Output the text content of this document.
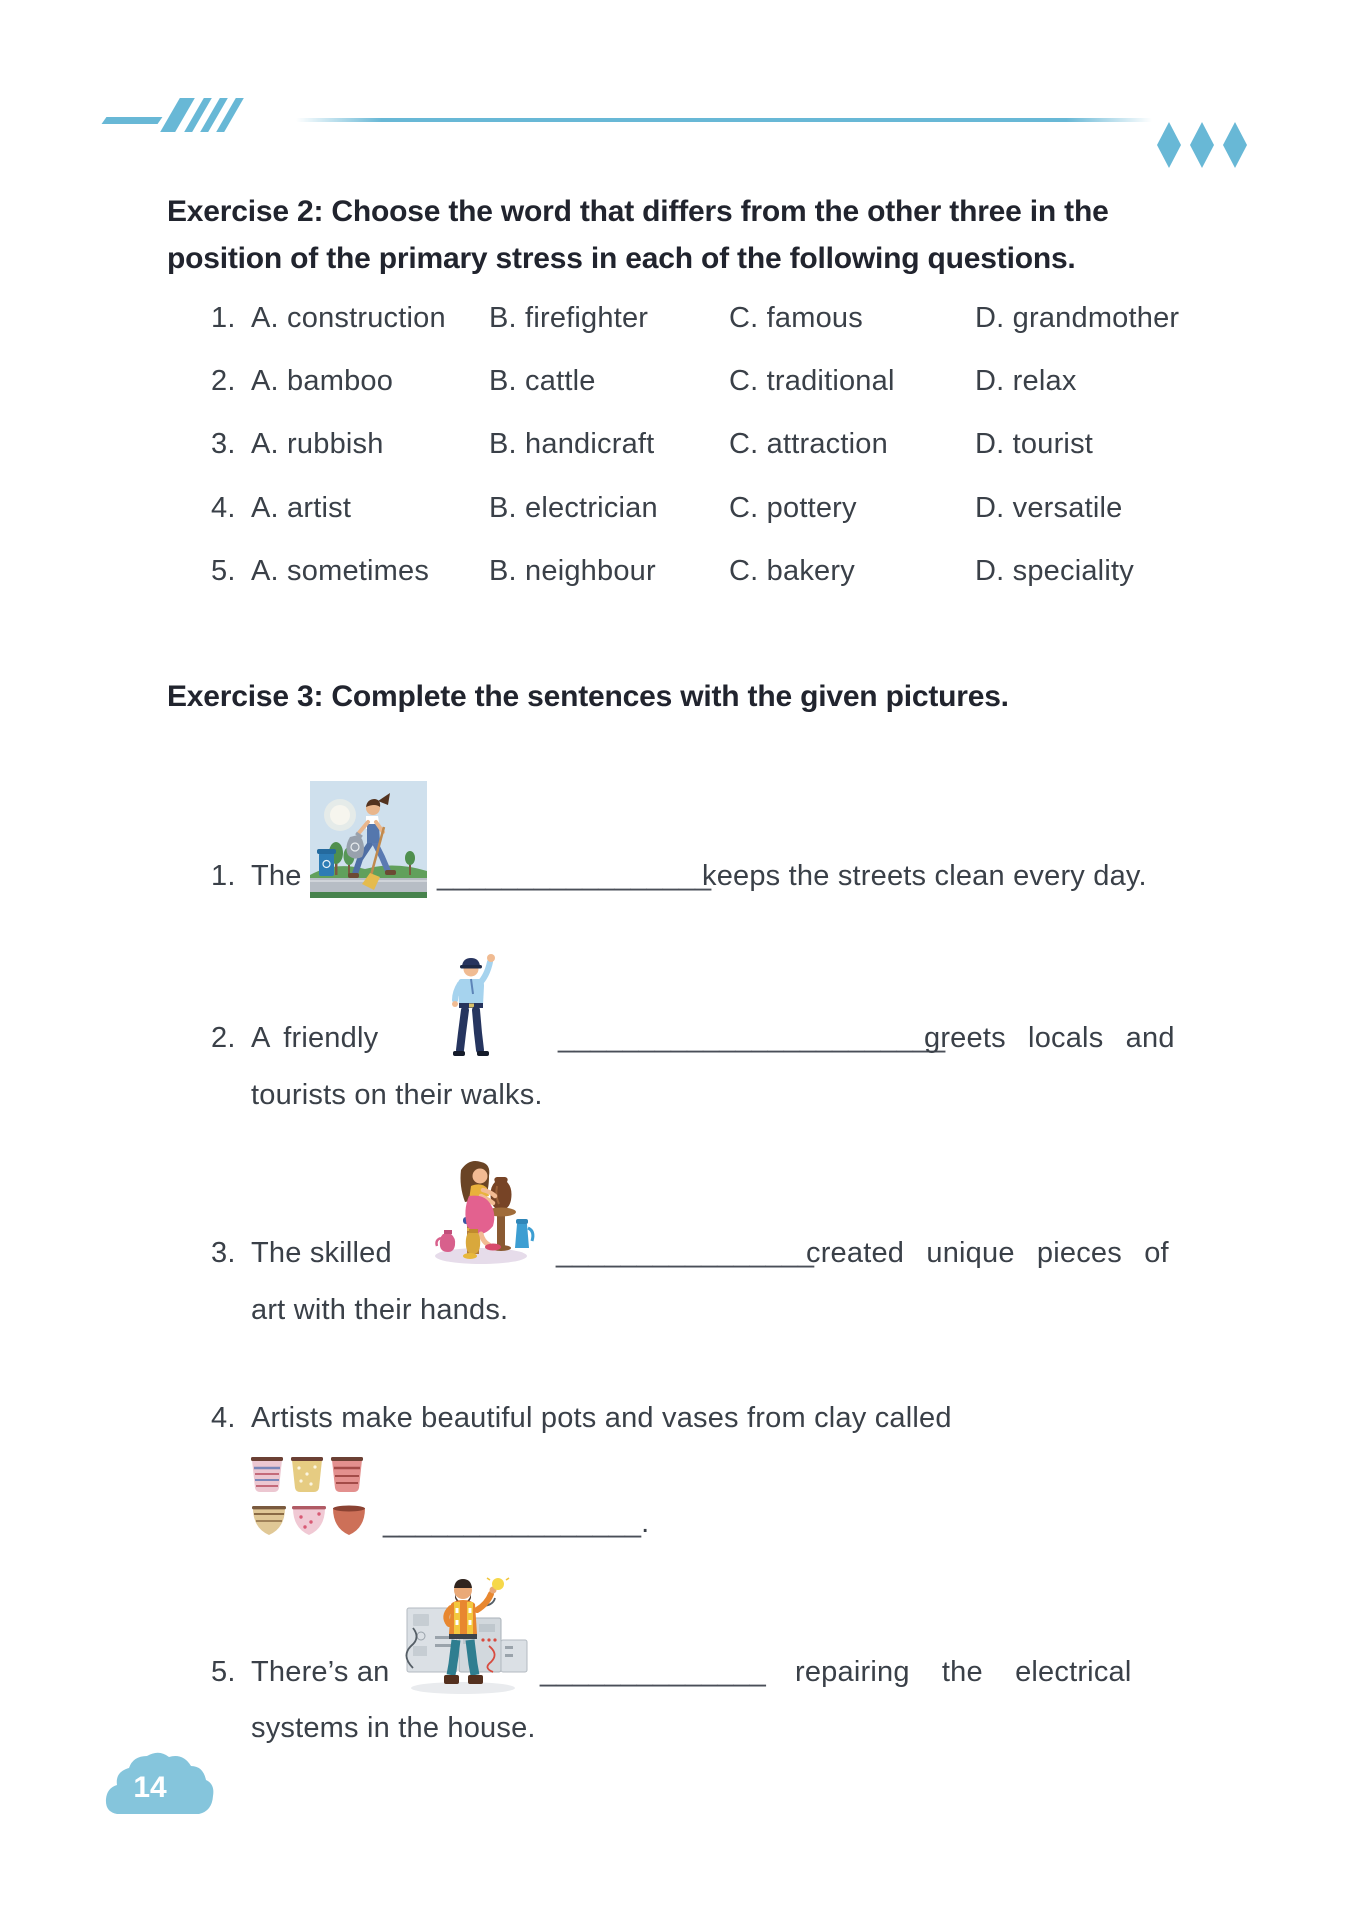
Exercise 2: Choose the word that differs from the other three in the
position of the primary stress in each of the following questions.
1. A. construction B. firefighter	C. famous	D. grandmother
2. A. bamboo	B. cattle	C. traditional	D. relax
3. A. rubbish	B. handicraft	C. attraction	D. tourist
4. A. artist	B. electrician C. pottery	D. versatile
5. A. sometimes B. neighbour	C. bakery	D. speciality
Exercise 3: Complete the sentences with the given pictures.
1. The	_________________
keeps the streets clean every day.
2. A friendly	________________________
greets locals and
tourists on their walks.
3. The skilled	________________
created unique pieces of
art with their hands.
4. Artists make beautiful pots and vases from clay called
________________.
5. There’s an	______________ repairing the electrical
systems in the house.
14
